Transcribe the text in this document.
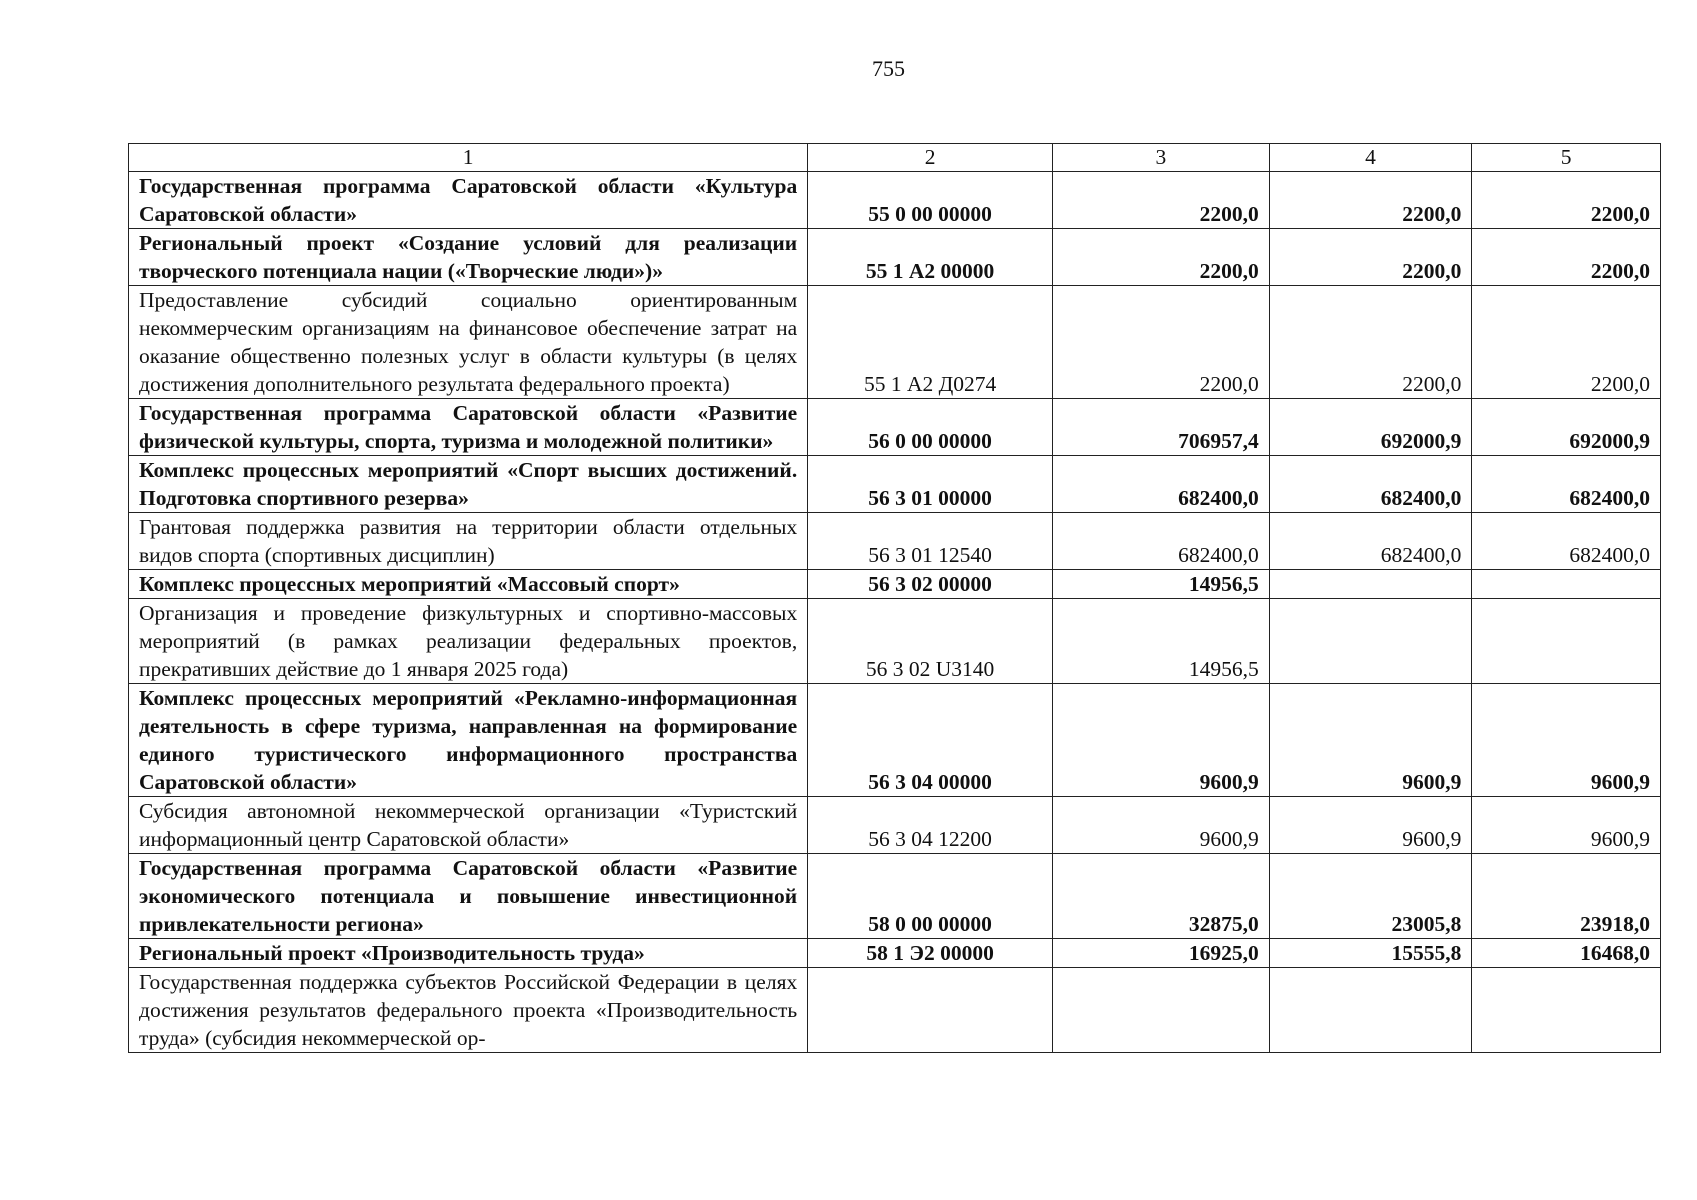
755
1	2	3	4	5
Государственная программа Саратовской области «Культура Саратовской области»	55 0 00 00000	2200,0	2200,0	2200,0
Региональный проект «Создание условий для реализации творческого потенциала нации («Творческие люди»)»	55 1 А2 00000	2200,0	2200,0	2200,0
Предоставление субсидий социально ориентированным некоммерческим организациям на финансовое обеспечение затрат на оказание общественно полезных услуг в области культуры (в целях достижения дополнительного результата федерального проекта)	55 1 А2 Д0274	2200,0	2200,0	2200,0
Государственная программа Саратовской области «Развитие физической культуры, спорта, туризма и молодежной политики»	56 0 00 00000	706957,4	692000,9	692000,9
Комплекс процессных мероприятий «Спорт высших достижений. Подготовка спортивного резерва»	56 3 01 00000	682400,0	682400,0	682400,0
Грантовая поддержка развития на территории области отдельных видов спорта (спортивных дисциплин)	56 3 01 12540	682400,0	682400,0	682400,0
Комплекс процессных мероприятий «Массовый спорт»	56 3 02 00000	14956,5		
Организация и проведение физкультурных и спортивно-массовых мероприятий (в рамках реализации федеральных проектов, прекративших действие до 1 января 2025 года)	56 3 02 U3140	14956,5		
Комплекс процессных мероприятий «Рекламно-информационная деятельность в сфере туризма, направленная на формирование единого туристического информационного пространства Саратовской области»	56 3 04 00000	9600,9	9600,9	9600,9
Субсидия автономной некоммерческой организации «Туристский информационный центр Саратовской области»	56 3 04 12200	9600,9	9600,9	9600,9
Государственная программа Саратовской области «Развитие экономического потенциала и повышение инвестиционной привлекательности региона»	58 0 00 00000	32875,0	23005,8	23918,0
Региональный проект «Производительность труда»	58 1 Э2 00000	16925,0	15555,8	16468,0
Государственная поддержка субъектов Российской Федерации в целях достижения результатов федерального проекта «Производительность труда» (субсидия некоммерческой ор-				
